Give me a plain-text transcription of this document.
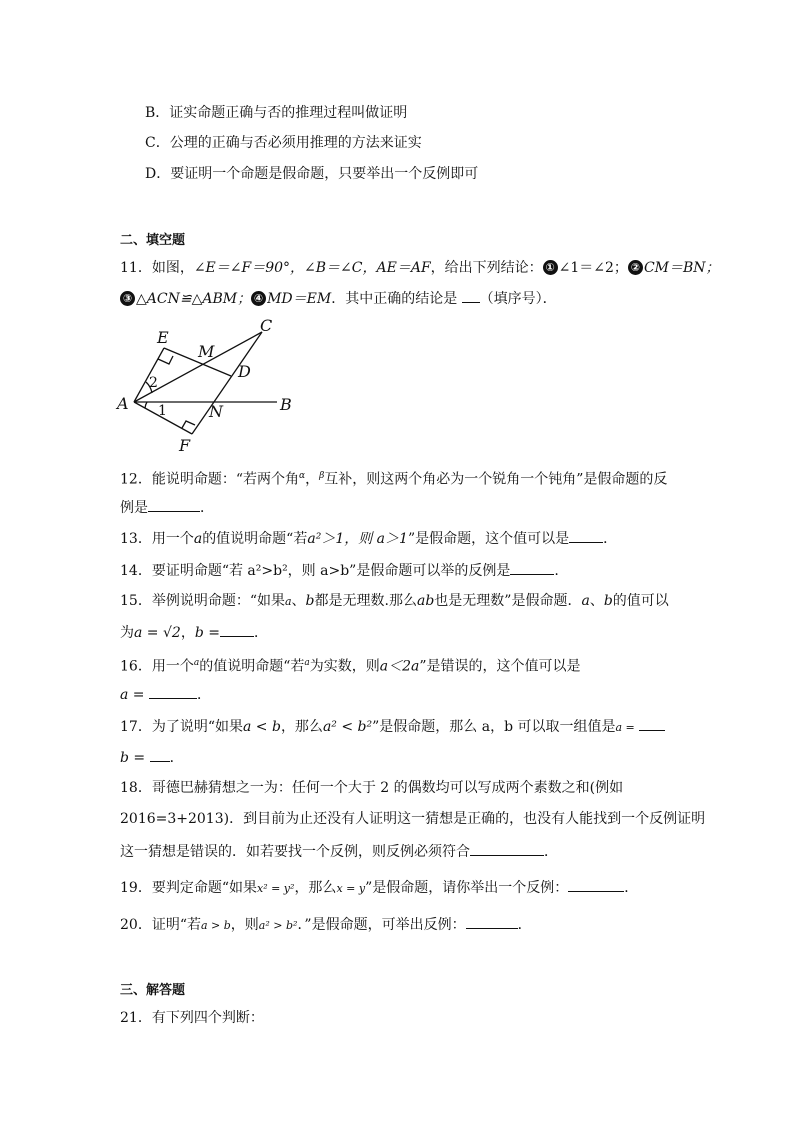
B．证实命题正确与否的推理过程叫做证明
C．公理的正确与否必须用推理的方法来证实
D．要证明一个命题是假命题，只要举出一个反例即可
二、填空题
11．如图，∠E＝∠F＝90°，∠B＝∠C，AE＝AF，给出下列结论： ① ∠1＝∠2； ② CM＝BN；
③ △ACN≌△ABM； ④ MD＝EM．其中正确的结论是 （填序号）．
A	B
C
D
E
F
M
N
2
1
12．能说明命题：“若两个角$^\alpha$，$^\beta$互补，则这两个角必为一个锐角一个钝角”是假命题的反
例是	．
13．用一个a的值说明命题“若a²＞1，则 a＞1”是假命题，这个值可以是 ．
14．要证明命题“若 a²>b²，则 a>b”是假命题可以举的反例是	.
15．举例说明命题：“如果a、b都是无理数.那么ab也是无理数”是假命题．a、b的值可以
为a = √2，b = ．
16．用一个$^a$的值说明命题“若$^a$为实数，则a＜2a”是错误的，这个值可以是
a =	．
17．为了说明“如果a < b，那么a² < b²”是假命题，那么 a，b 可以取一组值是a =
b = ．
18．哥德巴赫猜想之一为：任何一个大于 2 的偶数均可以写成两个素数之和(例如
2016=3+2013)．到目前为止还没有人证明这一猜想是正确的，也没有人能找到一个反例证明
这一猜想是错误的．如若要找一个反例，则反例必须符合	．
19．要判定命题“如果x² = y²，那么x = y”是假命题，请你举出一个反例：	．
20．证明“若a > b，则a² > b²．”是假命题，可举出反例：	．
三、解答题
21．有下列四个判断：
